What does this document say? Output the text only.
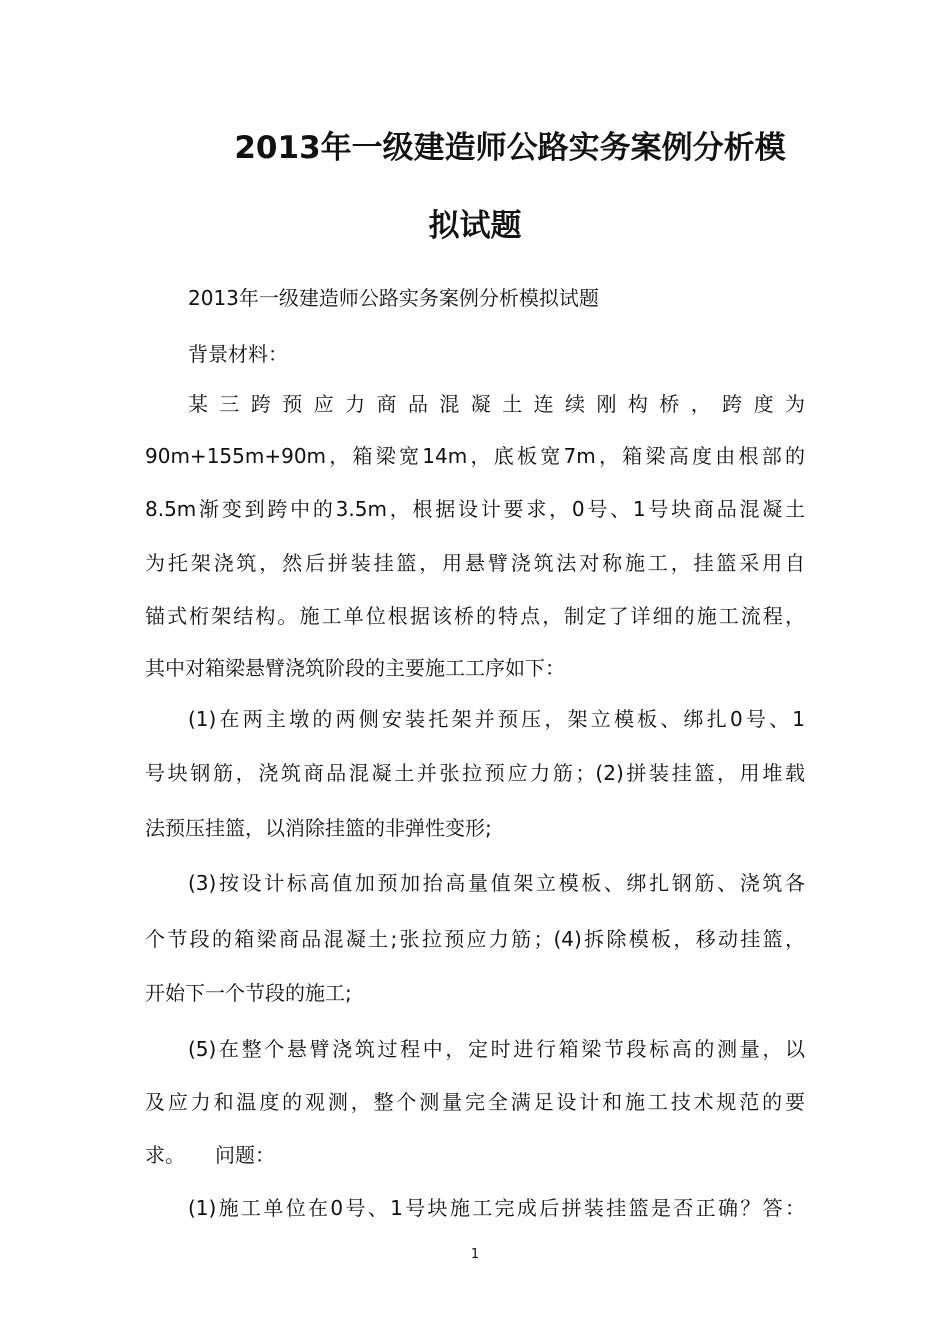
2013年一级建造师公路实务案例分析模
拟试题

2013年一级建造师公路实务案例分析模拟试题

背景材料：

某三跨预应力商品混凝土连续刚构桥，跨度为

90m+155m+90m，箱梁宽14m，底板宽7m，箱梁高度由根部的

8.5m渐变到跨中的3.5m，根据设计要求，0号、1号块商品混凝土

为托架浇筑，然后拼装挂篮，用悬臂浇筑法对称施工，挂篮采用自

锚式桁架结构。施工单位根据该桥的特点，制定了详细的施工流程，

其中对箱梁悬臂浇筑阶段的主要施工工序如下：

(1)在两主墩的两侧安装托架并预压，架立模板、绑扎0号、1

号块钢筋，浇筑商品混凝土并张拉预应力筋；(2)拼装挂篮，用堆载

法预压挂篮，以消除挂篮的非弹性变形;

(3)按设计标高值加预加抬高量值架立模板、绑扎钢筋、浇筑各

个节段的箱梁商品混凝土;张拉预应力筋；(4)拆除模板，移动挂篮，

开始下一个节段的施工;

(5)在整个悬臂浇筑过程中，定时进行箱梁节段标高的测量，以

及应力和温度的观测，整个测量完全满足设计和施工技术规范的要

求。　　问题：

(1)施工单位在0号、1号块施工完成后拼装挂篮是否正确？答：

1
